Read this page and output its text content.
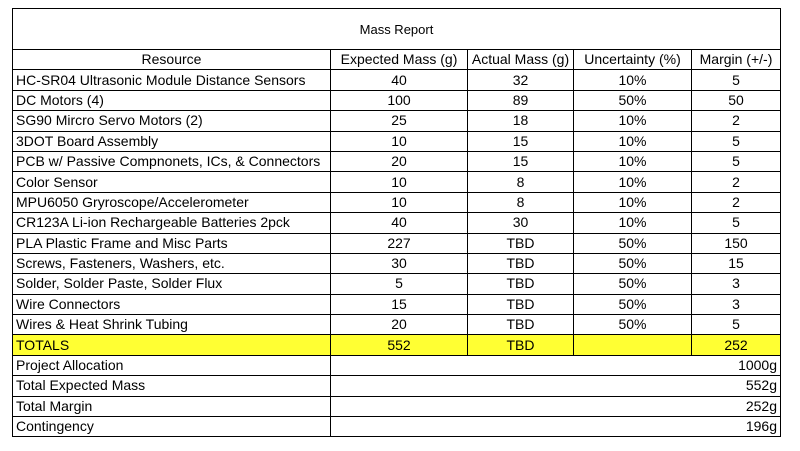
Mass Report				
Resource	Expected Mass (g)	Actual Mass (g)	Uncertainty (%)	Margin (+/-)
HC-SR04 Ultrasonic Module Distance Sensors	40	32	10%	5
DC Motors (4)	100	89	50%	50
SG90 Mircro Servo Motors (2)	25	18	10%	2
3DOT Board Assembly	10	15	10%	5
PCB w/ Passive Compnonets, ICs, & Connectors	20	15	10%	5
Color Sensor	10	8	10%	2
MPU6050 Gryroscope/Accelerometer	10	8	10%	2
CR123A Li-ion Rechargeable Batteries 2pck	40	30	10%	5
PLA Plastic Frame and Misc Parts	227	TBD	50%	150
Screws, Fasteners, Washers, etc.	30	TBD	50%	15
Solder, Solder Paste, Solder Flux	5	TBD	50%	3
Wire Connectors	15	TBD	50%	3
Wires & Heat Shrink Tubing	20	TBD	50%	5
TOTALS	552	TBD		252
Project Allocation	1000g			
Total Expected Mass	552g			
Total Margin	252g			
Contingency	196g			
